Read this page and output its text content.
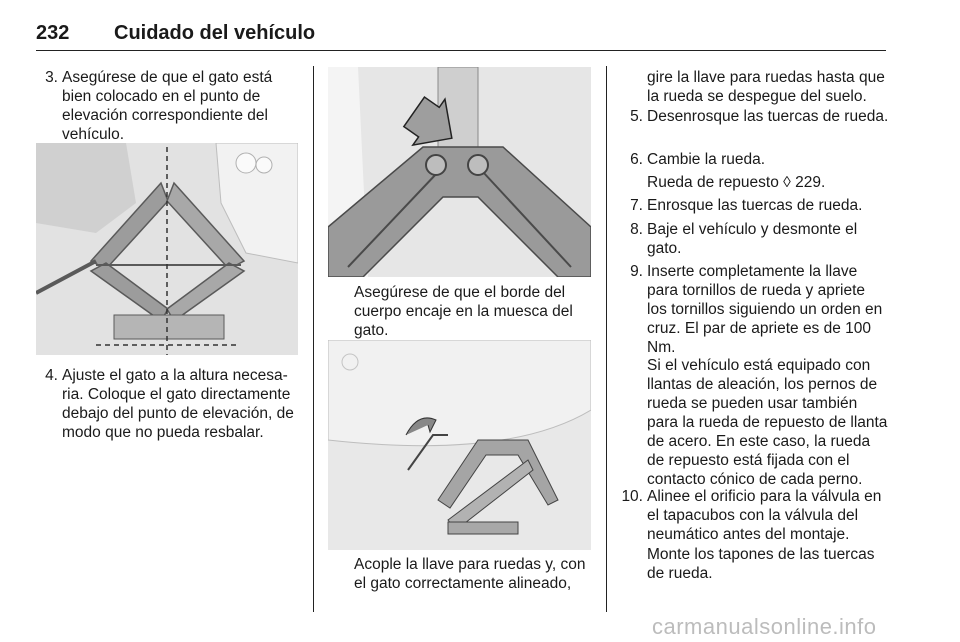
232 Cuidado del vehículo
3. Asegúrese de que el gato está bien colocado en el punto de elevación correspondiente del vehículo.
4. Ajuste el gato a la altura necesa-ria. Coloque el gato directamente debajo del punto de elevación, de modo que no pueda resbalar.
Asegúrese de que el borde del cuerpo encaje en la muesca del gato.
Acople la llave para ruedas y, con el gato correctamente alineado,
gire la llave para ruedas hasta que la rueda se despegue del suelo.
5. Desenrosque las tuercas de rueda.
6. Cambie la rueda.
Rueda de repuesto ◊ 229.
7. Enrosque las tuercas de rueda.
8. Baje el vehículo y desmonte el gato.
9. Inserte completamente la llave para tornillos de rueda y apriete los tornillos siguiendo un orden en cruz. El par de apriete es de 100 Nm.
Si el vehículo está equipado con llantas de aleación, los pernos de rueda se pueden usar también para la rueda de repuesto de llanta de acero. En este caso, la rueda de repuesto está fijada con el contacto cónico de cada perno.
10. Alinee el orificio para la válvula en el tapacubos con la válvula del neumático antes del montaje.
Monte los tapones de las tuercas de rueda.
carmanualsonline.info
